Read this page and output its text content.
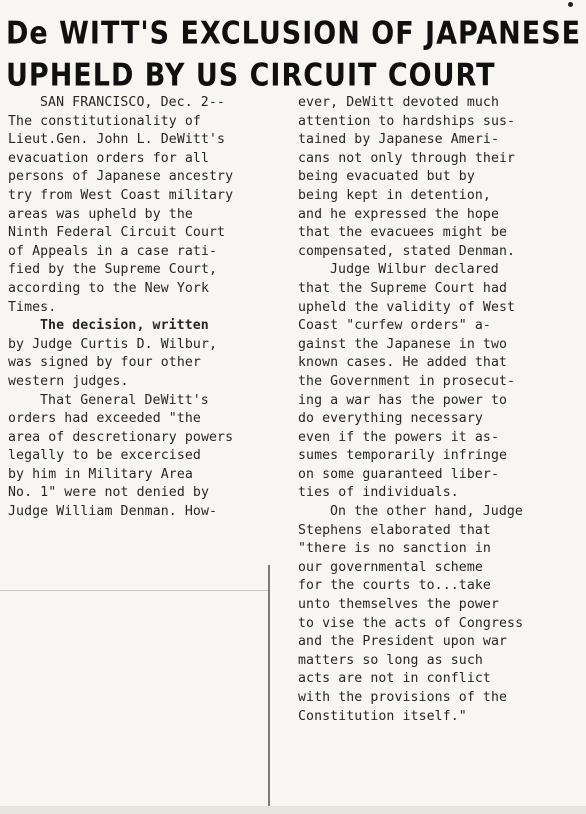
De WITT'S EXCLUSION OF JAPANESE
UPHELD BY US CIRCUIT COURT
SAN FRANCISCO, Dec. 2--
The constitutionality of
Lieut.Gen. John L. DeWitt's
evacuation orders for all
persons of Japanese ancestry
try from West Coast military
areas was upheld by the
Ninth Federal Circuit Court
of Appeals in a case rati-
fied by the Supreme Court,
according to the New York
Times.
The decision, written
by Judge Curtis D. Wilbur,
was signed by four other
western judges.
That General DeWitt's
orders had exceeded "the
area of descretionary powers
legally to be excercised
by him in Military Area
No. 1" were not denied by
Judge William Denman. How-
ever, DeWitt devoted much
attention to hardships sus-
tained by Japanese Ameri-
cans not only through their
being evacuated but by
being kept in detention,
and he expressed the hope
that the evacuees might be
compensated, stated Denman.
Judge Wilbur declared
that the Supreme Court had
upheld the validity of West
Coast "curfew orders" a-
gainst the Japanese in two
known cases. He added that
the Government in prosecut-
ing a war has the power to
do everything necessary
even if the powers it as-
sumes temporarily infringe
on some guaranteed liber-
ties of individuals.
On the other hand, Judge
Stephens elaborated that
"there is no sanction in
our governmental scheme
for the courts to...take
unto themselves the power
to vise the acts of Congress
and the President upon war
matters so long as such
acts are not in conflict
with the provisions of the
Constitution itself."
